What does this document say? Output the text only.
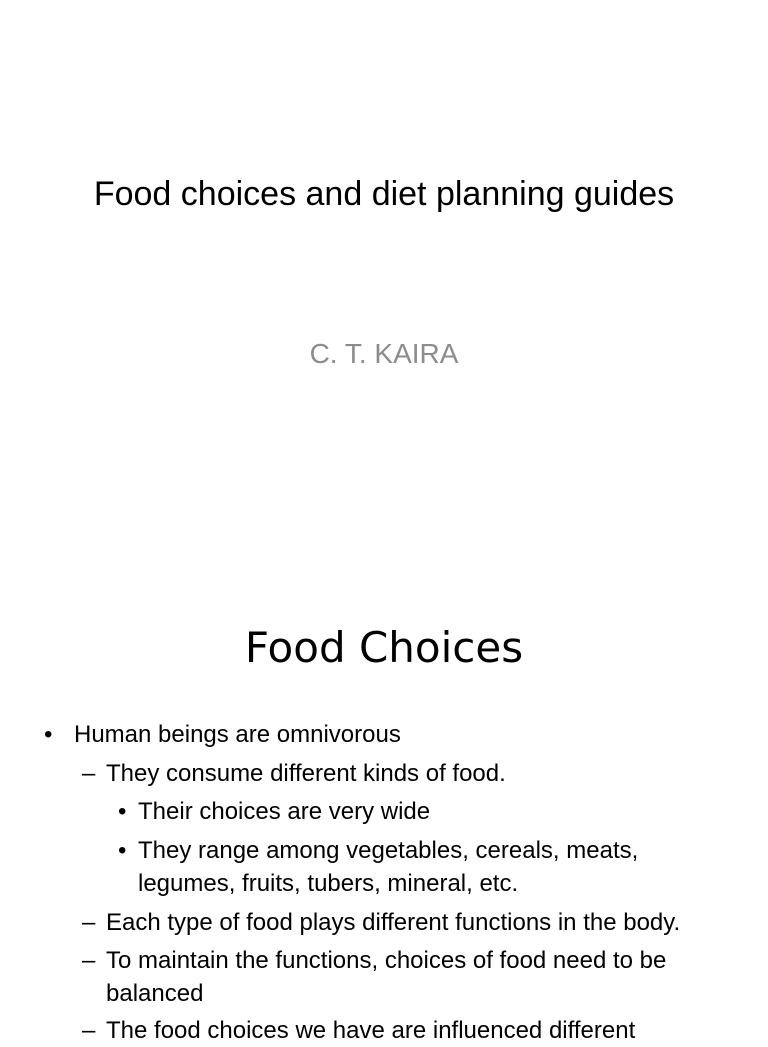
Food choices and diet planning guides
C. T. KAIRA
Food Choices
• Human beings are omnivorous
– They consume different kinds of food.
• Their choices are very wide
• They range among vegetables, cereals, meats, legumes, fruits, tubers, mineral, etc.
– Each type of food plays different functions in the body.
– To maintain the functions, choices of food need to be balanced
– The food choices we have are influenced different
